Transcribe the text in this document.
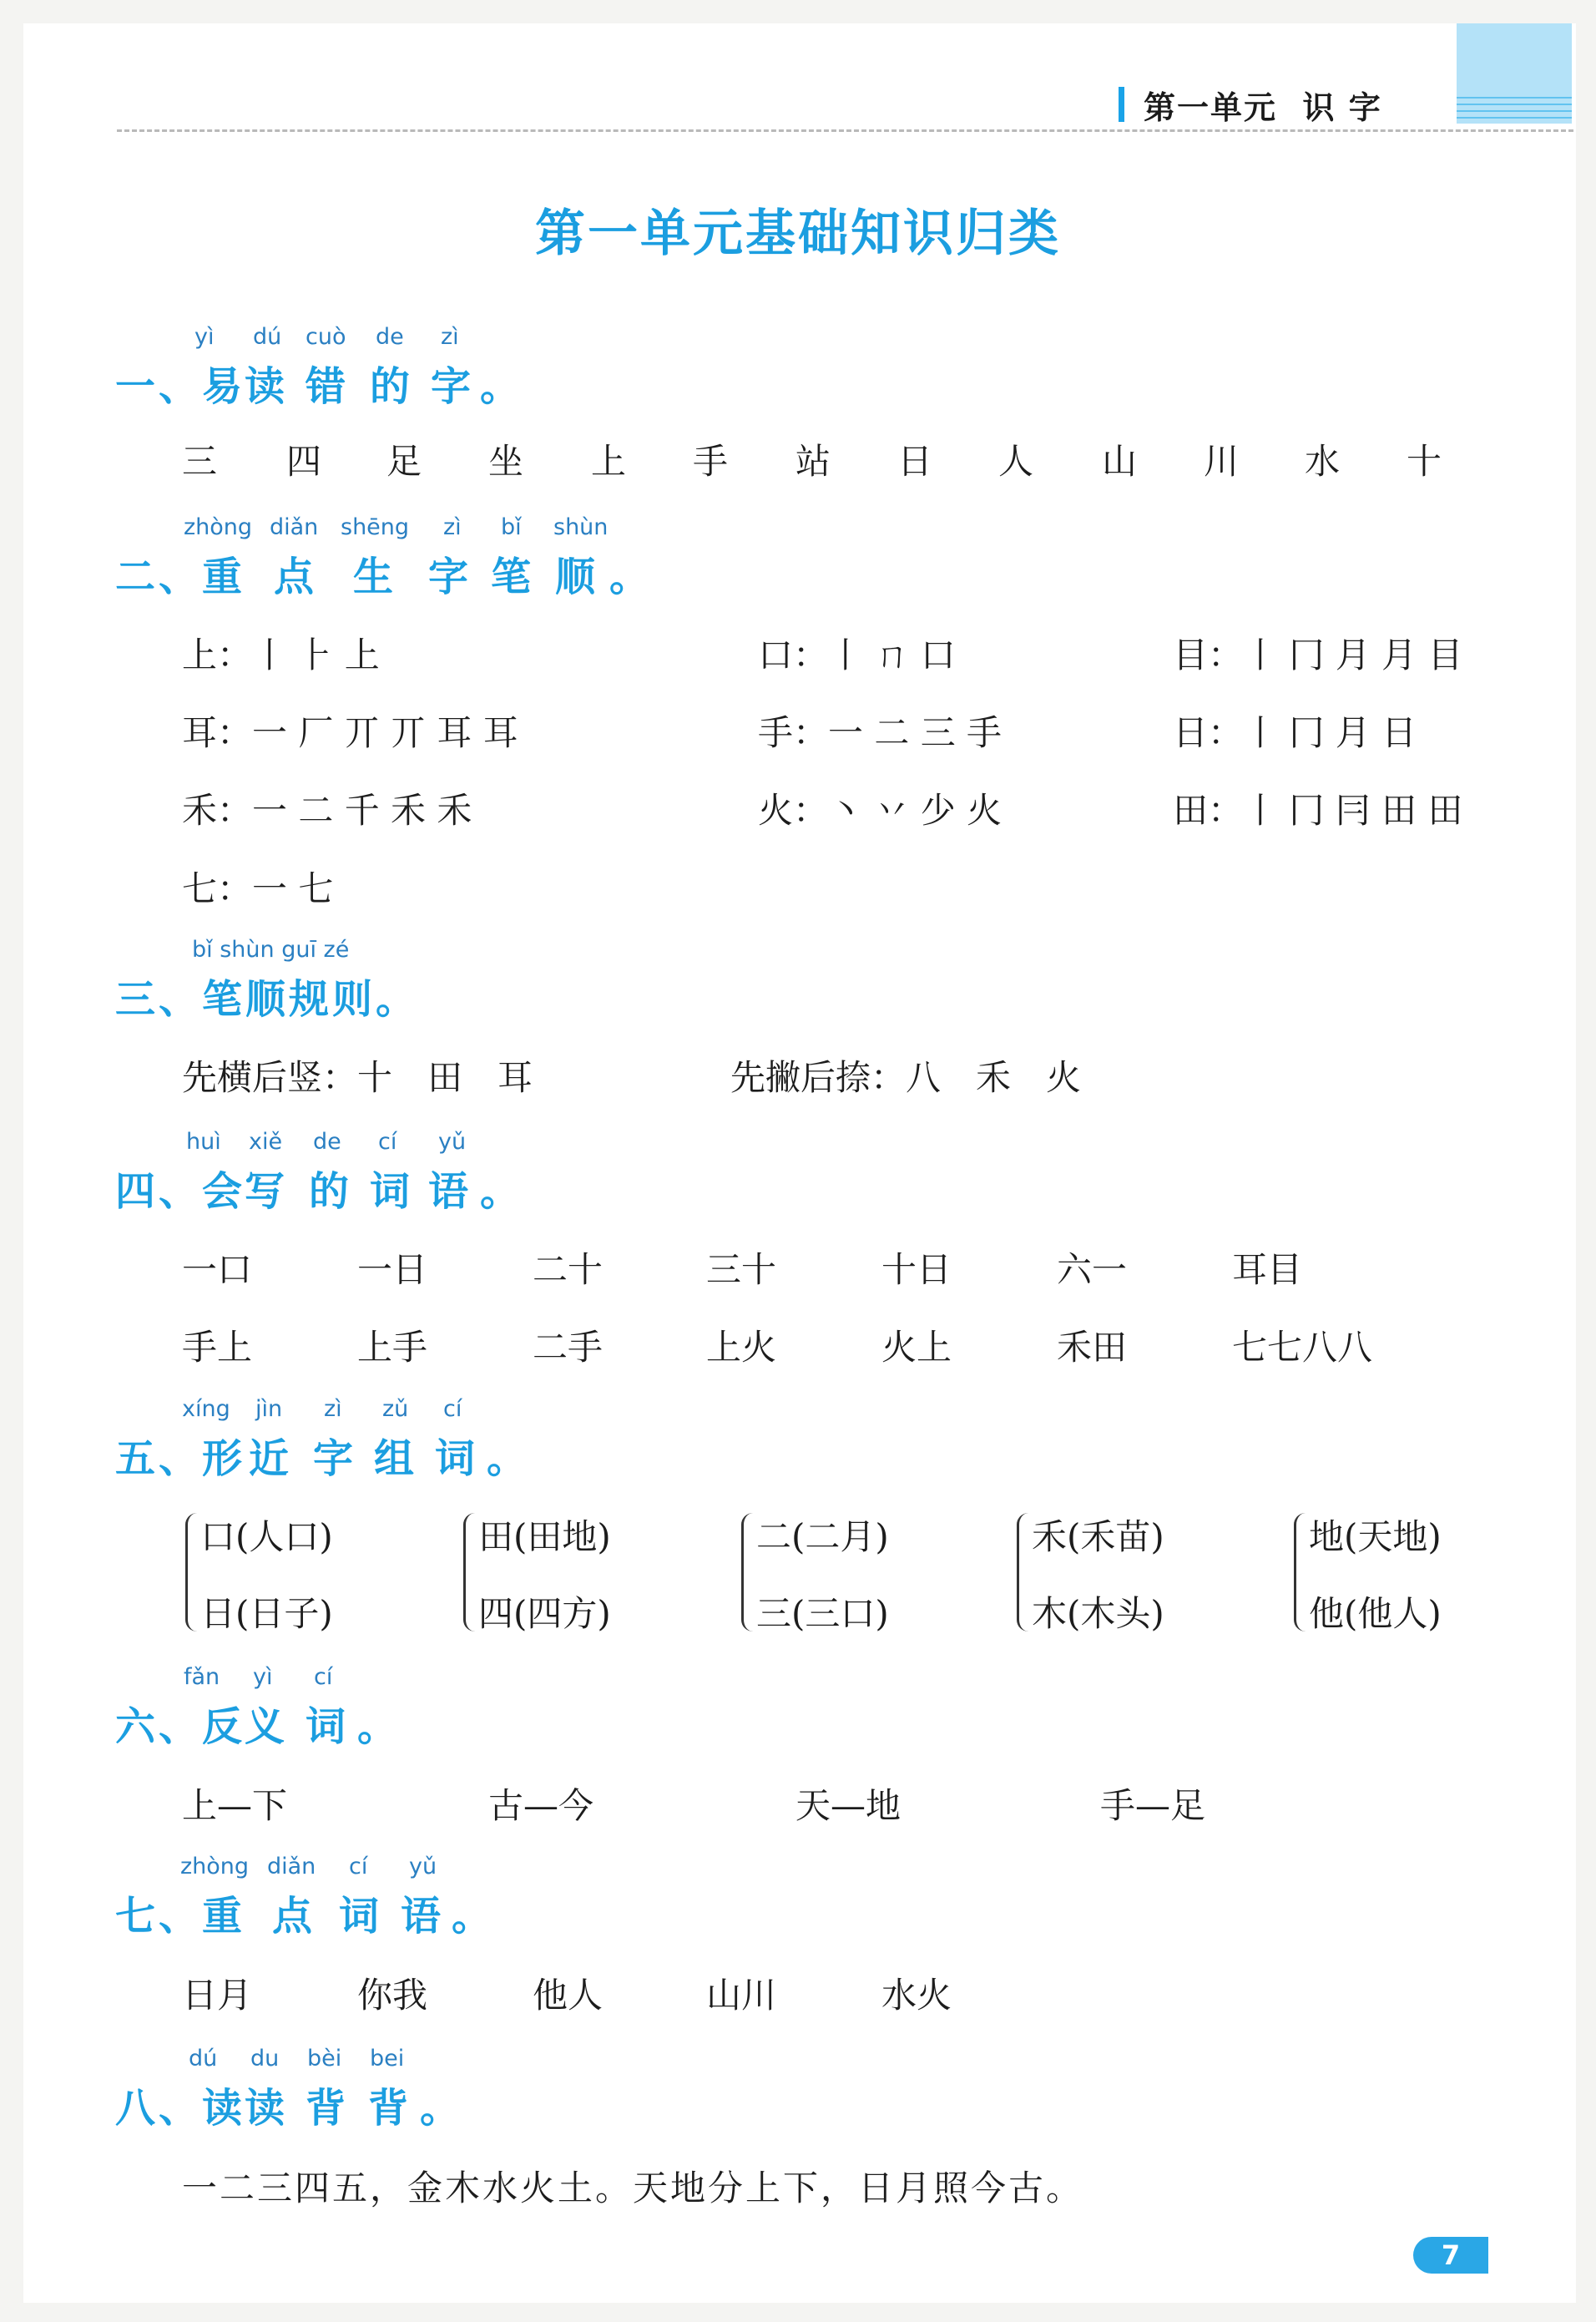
第一单元  识 字
第一单元基础知识归类
yì dú cuò de zì
一、易
读 错 的 字 。
三 四 足 坐 上 手 站 日 人 山 川 水 十
zhòng diǎn shēng zì bǐ shùn
二、重 点 生 字 笔 顺 。
上：丨 ⺊ 上	口：丨 ㄇ 口	目：丨 冂 月 月 目
耳：一 厂 丌 丌 耳 耳	手：一 二 三 手	日：丨 冂 月 日
禾：一 二 千 禾 禾	火：丶 丷 少 火	田：丨 冂 冃 田 田
七：一 七
bǐ shùn guī zé
三、笔顺规则。
先横后竖：十　田　耳	先撇后捺：八　禾　火
huì xiě de cí yǔ
四、会
写 的 词 语 。
一口	一日	二十	三十	十日	六一	耳目
手上	上手	二手	上火	火上	禾田	七七八八
xíng jìn zì zǔ cí
五、形 近 字 组 词 。
口(人口)
日(日子)
田(田地)
四(四方)
二(二月)
三(三口)
禾(禾苗)
木(木头)
地(天地)
他(他人)
fǎn yì cí
六、反
义 词 。
上—下	古—今	天—地	手—足
zhòng diǎn cí yǔ
七、重 点 词 语 。
日月	你我	他人	山川	水火
dú du bèi bei
八、读
读 背 背 。
一二三四五，金木水火土。天地分上下，日月照今古。
7
